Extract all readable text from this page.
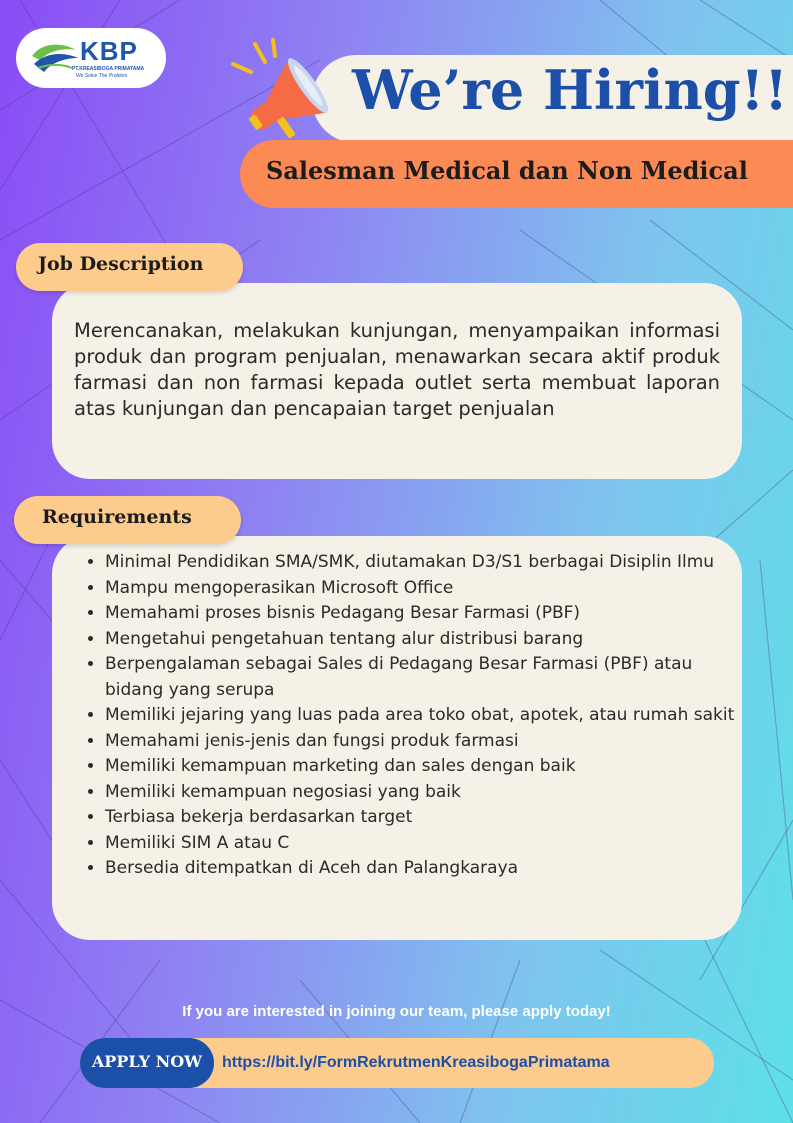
KBP
PT.KREASIBOGA PRIMATAMA
We Solve The Problem	We’re Hiring!!
Salesman Medical dan Non Medical
Job Description
Merencanakan, melakukan kunjungan, menyampaikan informasi produk dan program penjualan, menawarkan secara aktif produk farmasi dan non farmasi kepada outlet serta membuat laporan atas kunjungan dan pencapaian target penjualan
Requirements
• Minimal Pendidikan SMA/SMK, diutamakan D3/S1 berbagai Disiplin Ilmu
• Mampu mengoperasikan Microsoft Office
• Memahami proses bisnis Pedagang Besar Farmasi (PBF)
• Mengetahui pengetahuan tentang alur distribusi barang
• Berpengalaman sebagai Sales di Pedagang Besar Farmasi (PBF) atau bidang yang serupa
• Memiliki jejaring yang luas pada area toko obat, apotek, atau rumah sakit
• Memahami jenis-jenis dan fungsi produk farmasi
• Memiliki kemampuan marketing dan sales dengan baik
• Memiliki kemampuan negosiasi yang baik
• Terbiasa bekerja berdasarkan target
• Memiliki SIM A atau C
• Bersedia ditempatkan di Aceh dan Palangkaraya
If you are interested in joining our team, please apply today!
APPLY NOW	https://bit.ly/FormRekrutmenKreasibogaPrimatama
